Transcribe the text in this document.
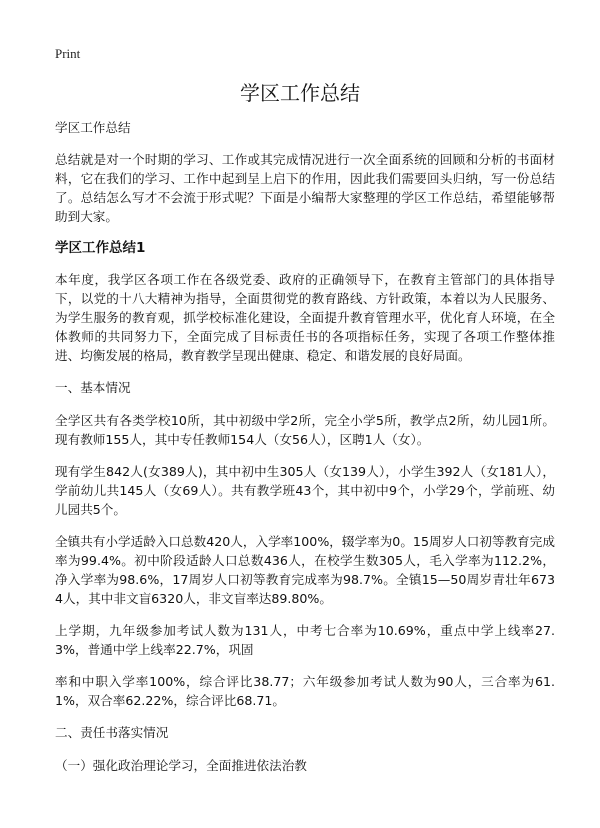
Print
学区工作总结

学区工作总结

总结就是对一个时期的学习、工作或其完成情况进行一次全面系统的回顾和分析的书面材料，它在我们的学习、工作中起到呈上启下的作用，因此我们需要回头归纳，写一份总结了。总结怎么写才不会流于形式呢？下面是小编帮大家整理的学区工作总结，希望能够帮助到大家。

学区工作总结1

本年度，我学区各项工作在各级党委、政府的正确领导下，在教育主管部门的具体指导下，以党的十八大精神为指导，全面贯彻党的教育路线、方针政策，本着以为人民服务、为学生服务的教育观，抓学校标准化建设，全面提升教育管理水平，优化育人环境，在全体教师的共同努力下，全面完成了目标责任书的各项指标任务，实现了各项工作整体推进、均衡发展的格局，教育教学呈现出健康、稳定、和谐发展的良好局面。

一、基本情况

全学区共有各类学校10所，其中初级中学2所，完全小学5所，教学点2所，幼儿园1所。现有教师155人，其中专任教师154人（女56人），区聘1人（女）。

现有学生842人(女389人)，其中初中生305人（女139人），小学生392人（女181人），学前幼儿共145人（女69人）。共有教学班43个，其中初中9个，小学29个，学前班、幼儿园共5个。

全镇共有小学适龄入口总数420人，入学率100%，辍学率为0。15周岁人口初等教育完成率为99.4%。初中阶段适龄人口总数436人，在校学生数305人，毛入学率为112.2%，净入学率为98.6%，17周岁人口初等教育完成率为98.7%。全镇15—50周岁青壮年6734人，其中非文盲6320人，非文盲率达89.80%。

上学期，九年级参加考试人数为131人，中考七合率为10.69%，重点中学上线率27.3%，普通中学上线率22.7%，巩固

率和中职入学率100%，综合评比38.77；六年级参加考试人数为90人，三合率为61.1%，双合率62.22%，综合评比68.71。

二、责任书落实情况

（一）强化政治理论学习，全面推进依法治教
